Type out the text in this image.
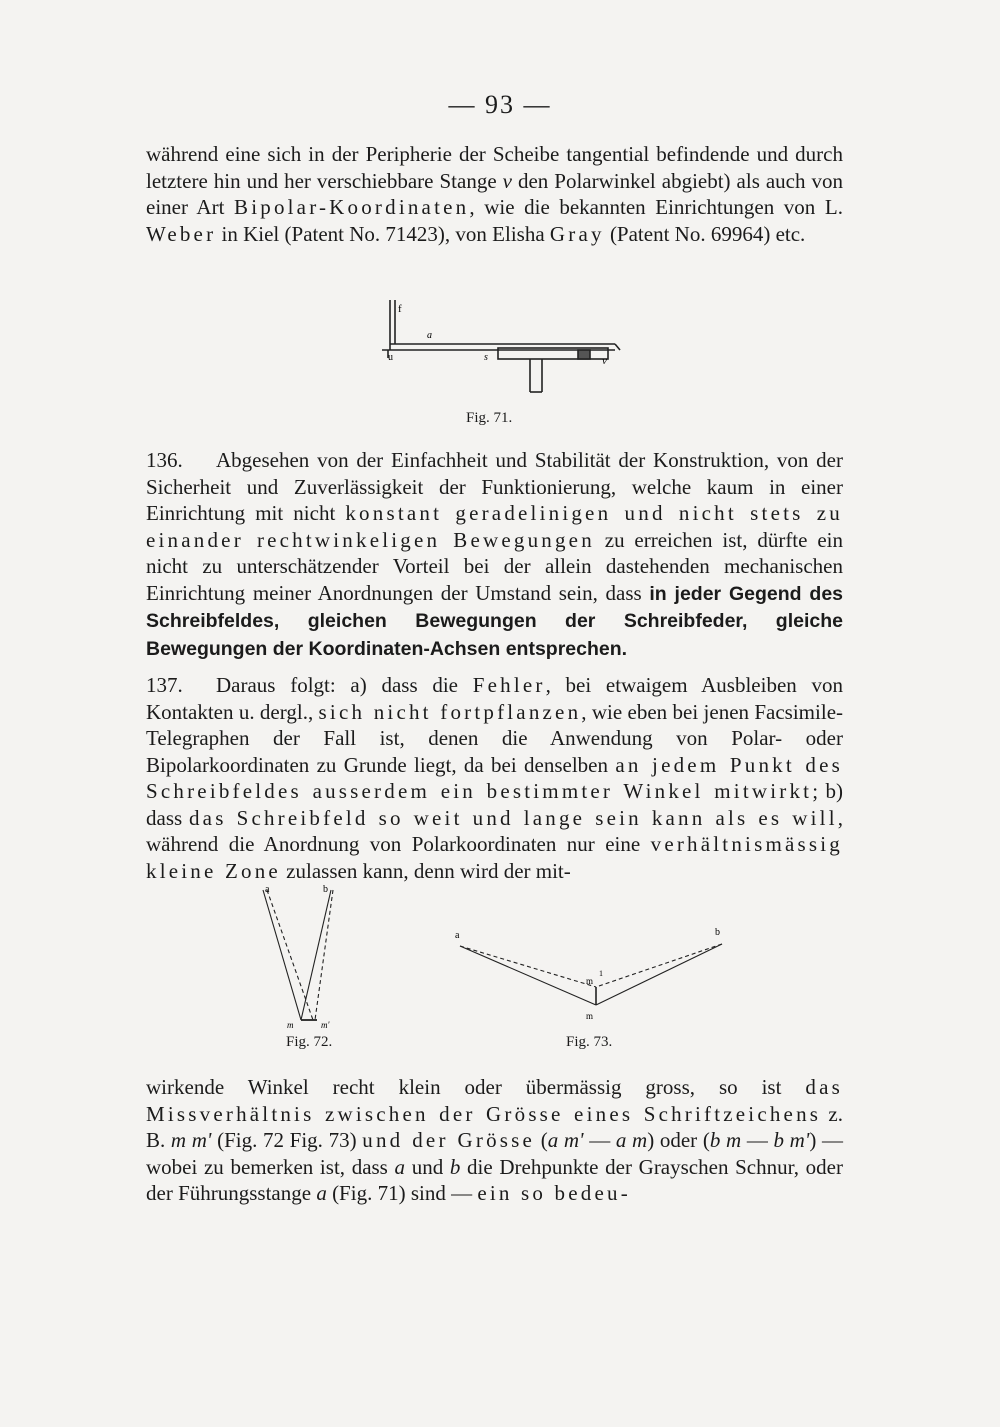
— 93 —
während eine sich in der Peripherie der Scheibe tangential befindende und durch letztere hin und her verschiebbare Stange v den Polarwinkel abgiebt) als auch von einer Art Bipolar-Koordinaten, wie die bekannten Einrichtungen von L. Weber in Kiel (Patent No. 71423), von Elisha Gray (Patent No. 69964) etc.
f
a
u	s	v
Fig. 71.
136. Abgesehen von der Einfachheit und Stabilität der Konstruktion, von der Sicherheit und Zuverlässigkeit der Funktionierung, welche kaum in einer Einrichtung mit nicht konstant geradelinigen und nicht stets zu einander rechtwinkeligen Bewegungen zu erreichen ist, dürfte ein nicht zu unterschätzender Vorteil bei der allein dastehenden mechanischen Einrichtung meiner Anordnungen der Umstand sein, dass in jeder Gegend des Schreibfeldes, gleichen Bewegungen der Schreibfeder, gleiche Bewegungen der Koordinaten-Achsen entsprechen.
137. Daraus folgt: a) dass die Fehler, bei etwaigem Ausbleiben von Kontakten u. dergl., sich nicht fortpflanzen, wie eben bei jenen Facsimile-Telegraphen der Fall ist, denen die Anwendung von Polar- oder Bipolarkoordinaten zu Grunde liegt, da bei denselben an jedem Punkt des Schreibfeldes ausserdem ein bestimmter Winkel mitwirkt; b) dass das Schreibfeld so weit und lange sein kann als es will, während die Anordnung von Polarkoordinaten nur eine verhältnismässig kleine Zone zulassen kann, denn wird der mit-
a	b
m	m'
Fig. 72.
a	b
m
1
m
Fig. 73.
wirkende Winkel recht klein oder übermässig gross, so ist das Missverhältnis zwischen der Grösse eines Schriftzeichens z. B. m m' (Fig. 72 Fig. 73) und der Grösse (a m' — a m) oder (b m — b m') — wobei zu bemerken ist, dass a und b die Drehpunkte der Grayschen Schnur, oder der Führungsstange a (Fig. 71) sind — ein so bedeu-
